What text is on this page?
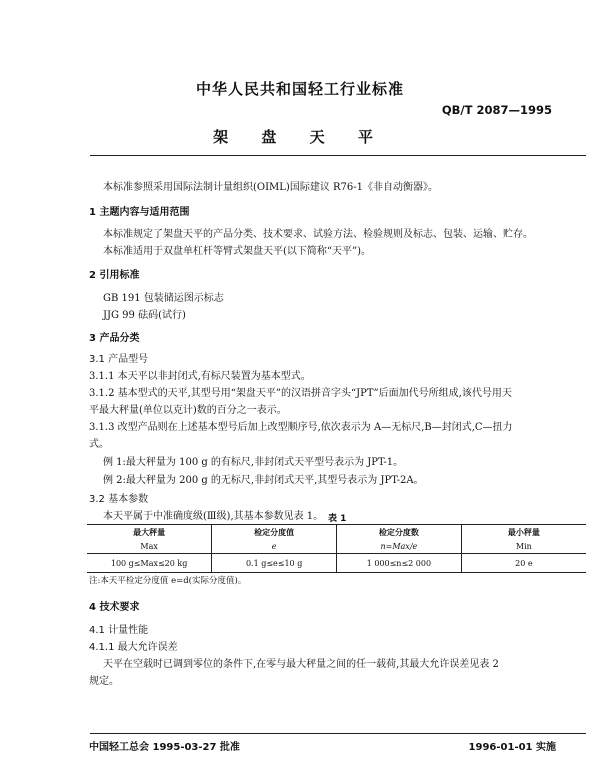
中华人民共和国轻工行业标准
QB/T 2087—1995
架 盘 天 平
本标准参照采用国际法制计量组织(OIML)国际建议 R76-1《非自动衡器》。
1 主题内容与适用范围
本标准规定了架盘天平的产品分类、技术要求、试验方法、检验规则及标志、包装、运输、贮存。
本标准适用于双盘单杠杆等臂式架盘天平(以下简称“天平”)。
2 引用标准
GB 191 包装储运图示标志
JJG 99 砝码(试行)
3 产品分类
3.1 产品型号
3.1.1 本天平以非封闭式,有标尺装置为基本型式。
3.1.2 基本型式的天平,其型号用“架盘天平”的汉语拼音字头“JPT”后面加代号所组成,该代号用天
平最大秤量(单位以克计)数的百分之一表示。
3.1.3 改型产品则在上述基本型号后加上改型顺序号,依次表示为 A—无标尺,B—封闭式,C—扭力
式。
例 1:最大秤量为 100 g 的有标尺,非封闭式天平型号表示为 JPT-1。
例 2:最大秤量为 200 g 的无标尺,非封闭式天平,其型号表示为 JPT-2A。
3.2 基本参数
本天平属于中准确度级(Ⅲ级),其基本参数见表 1。 表 1
最大秤量	检定分度值	检定分度数	最小秤量
Max	e	n=Max/e	Min
100 g≤Max≤20 kg	0.1 g≤e≤10 g	1 000≤n≤2 000	20 e
注:本天平检定分度值 e=d(实际分度值)。
4 技术要求
4.1 计量性能
4.1.1 最大允许误差
天平在空载时已调到零位的条件下,在零与最大秤量之间的任一载荷,其最大允许误差见表 2
规定。
中国轻工总会 1995-03-27 批准	1996-01-01 实施
